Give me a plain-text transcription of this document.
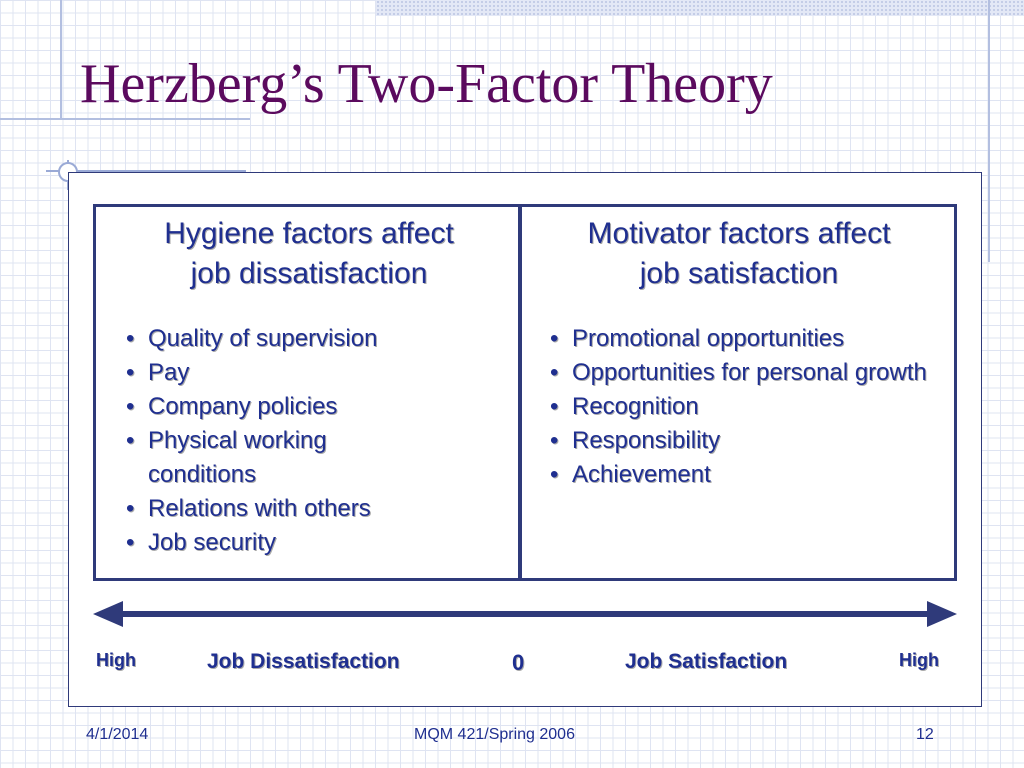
Herzberg’s Two-Factor Theory
Hygiene factors affect
job dissatisfaction
• Quality of supervision
• Pay
• Company policies
• Physical working conditions
• Relations with others
• Job security
Motivator factors affect
job satisfaction
• Promotional opportunities
• Opportunities for personal growth
• Recognition
• Responsibility
• Achievement

High	Job Dissatisfaction	0	Job Satisfaction	High

4/1/2014	MQM 421/Spring 2006	12
